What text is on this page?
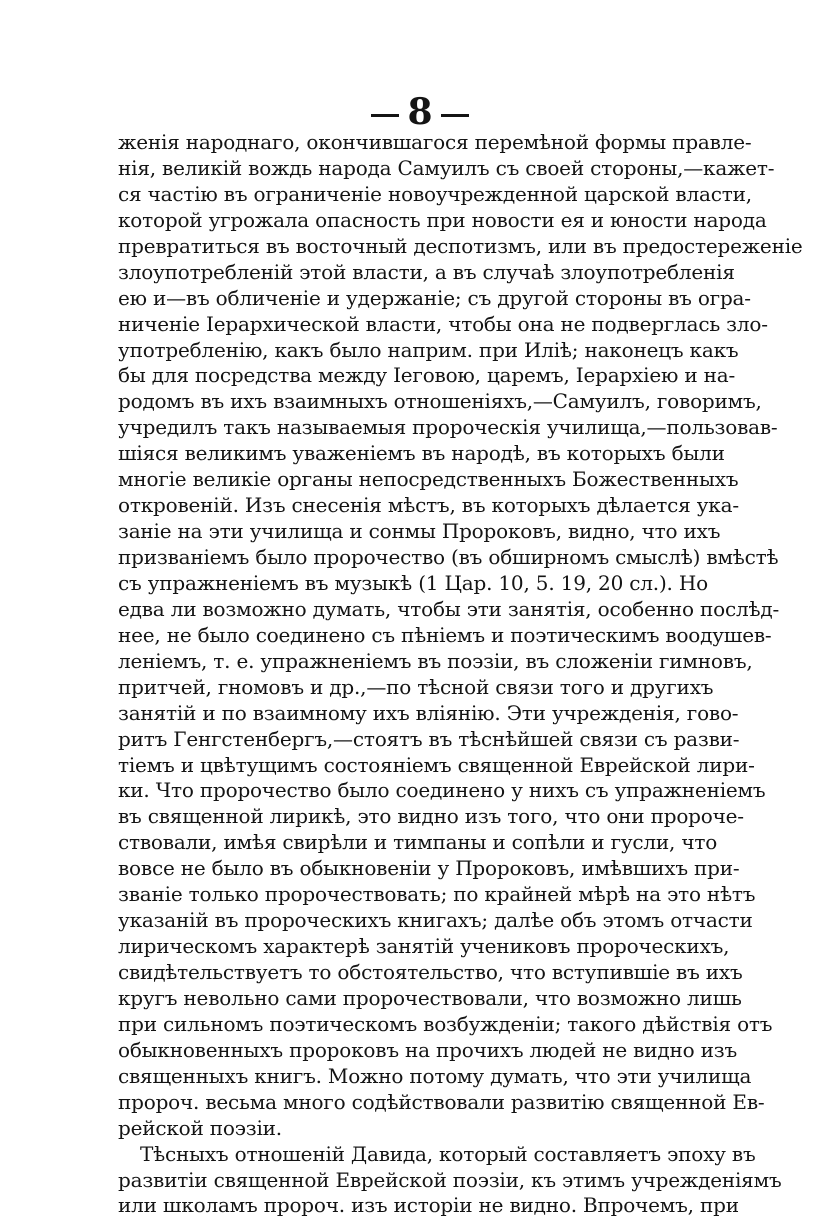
8
женія народнаго, окончившагося перемѣной формы правле-
нія, великій вождь народа Самуилъ съ своей стороны,—кажет-
ся частію въ ограниченіе новоучрежденной царской власти,
которой угрожала опасность при новости ея и юности народа
превратиться въ восточный деспотизмъ, или въ предостереженіе
злоупотребленій этой власти, а въ случаѣ злоупотребленія
ею и—въ обличеніе и удержаніе; съ другой стороны въ огра-
ниченіе Іерархической власти, чтобы она не подверглась зло-
употребленію, какъ было наприм. при Иліѣ; наконецъ какъ
бы для посредства между Іеговою, царемъ, Іерархіею и на-
родомъ въ ихъ взаимныхъ отношеніяхъ,—Самуилъ, говоримъ,
учредилъ такъ называемыя пророческія училища,—пользовав-
шіяся великимъ уваженіемъ въ народѣ, въ которыхъ были
многіе великіе органы непосредственныхъ Божественныхъ
откровеній. Изъ снесенія мѣстъ, въ которыхъ дѣлается ука-
заніе на эти училища и сонмы Пророковъ, видно, что ихъ
призваніемъ было пророчество (въ обширномъ смыслѣ) вмѣстѣ
съ упражненіемъ въ музыкѣ (1 Цар. 10, 5. 19, 20 сл.). Но
едва ли возможно думать, чтобы эти занятія, особенно послѣд-
нее, не было соединено съ пѣніемъ и поэтическимъ воодушев-
леніемъ, т. е. упражненіемъ въ поэзіи, въ сложеніи гимновъ,
притчей, гномовъ и др.,—по тѣсной связи того и другихъ
занятій и по взаимному ихъ вліянію. Эти учрежденія, гово-
ритъ Генгстенбергъ,—стоятъ въ тѣснѣйшей связи съ разви-
тіемъ и цвѣтущимъ состояніемъ священной Еврейской лири-
ки. Что пророчество было соединено у нихъ съ упражненіемъ
въ священной лирикѣ, это видно изъ того, что они пророче-
ствовали, имѣя свирѣли и тимпаны и сопѣли и гусли, что
вовсе не было въ обыкновеніи у Пророковъ, имѣвшихъ при-
званіе только пророчествовать; по крайней мѣрѣ на это нѣтъ
указаній въ пророческихъ книгахъ; далѣе объ этомъ отчасти
лирическомъ характерѣ занятій учениковъ пророческихъ,
свидѣтельствуетъ то обстоятельство, что вступившіе въ ихъ
кругъ невольно сами пророчествовали, что возможно лишь
при сильномъ поэтическомъ возбужденіи; такого дѣйствія отъ
обыкновенныхъ пророковъ на прочихъ людей не видно изъ
священныхъ книгъ. Можно потому думать, что эти училища
пророч. весьма много содѣйствовали развитію священной Ев-
рейской поэзіи.
Тѣсныхъ отношеній Давида, который составляетъ эпоху въ
развитіи священной Еврейской поэзіи, къ этимъ учрежденіямъ
или школамъ пророч. изъ исторіи не видно. Впрочемъ, при
